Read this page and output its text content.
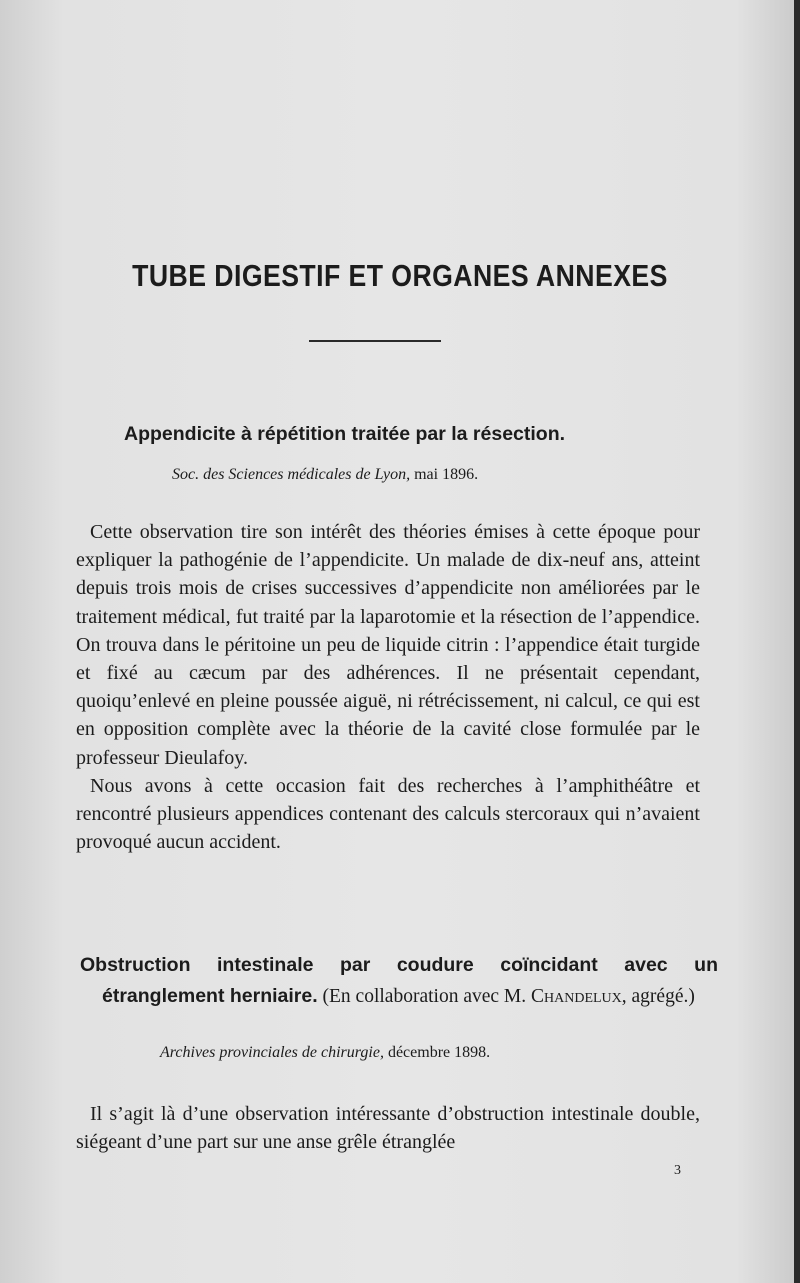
TUBE DIGESTIF ET ORGANES ANNEXES
Appendicite à répétition traitée par la résection.
Soc. des Sciences médicales de Lyon, mai 1896.

Cette observation tire son intérêt des théories émises à cette époque pour expliquer la pathogénie de l’appendicite. Un malade de dix-neuf ans, atteint depuis trois mois de crises successives d’appendicite non améliorées par le traitement médical, fut traité par la laparotomie et la résection de l’appendice. On trouva dans le péritoine un peu de liquide citrin : l’appendice était turgide et fixé au cæcum par des adhérences. Il ne présentait cependant, quoiqu’enlevé en pleine poussée aiguë, ni rétrécissement, ni calcul, ce qui est en opposition complète avec la théorie de la cavité close formulée par le professeur Dieulafoy.

Nous avons à cette occasion fait des recherches à l’amphithéâtre et rencontré plusieurs appendices contenant des calculs stercoraux qui n’avaient provoqué aucun accident.

Obstruction intestinale par coudure coïncidant avec un étranglement herniaire. (En collaboration avec M. Chandelux, agrégé.)
Archives provinciales de chirurgie, décembre 1898.

Il s’agit là d’une observation intéressante d’obstruction intestinale double, siégeant d’une part sur une anse grêle étranglée

3
